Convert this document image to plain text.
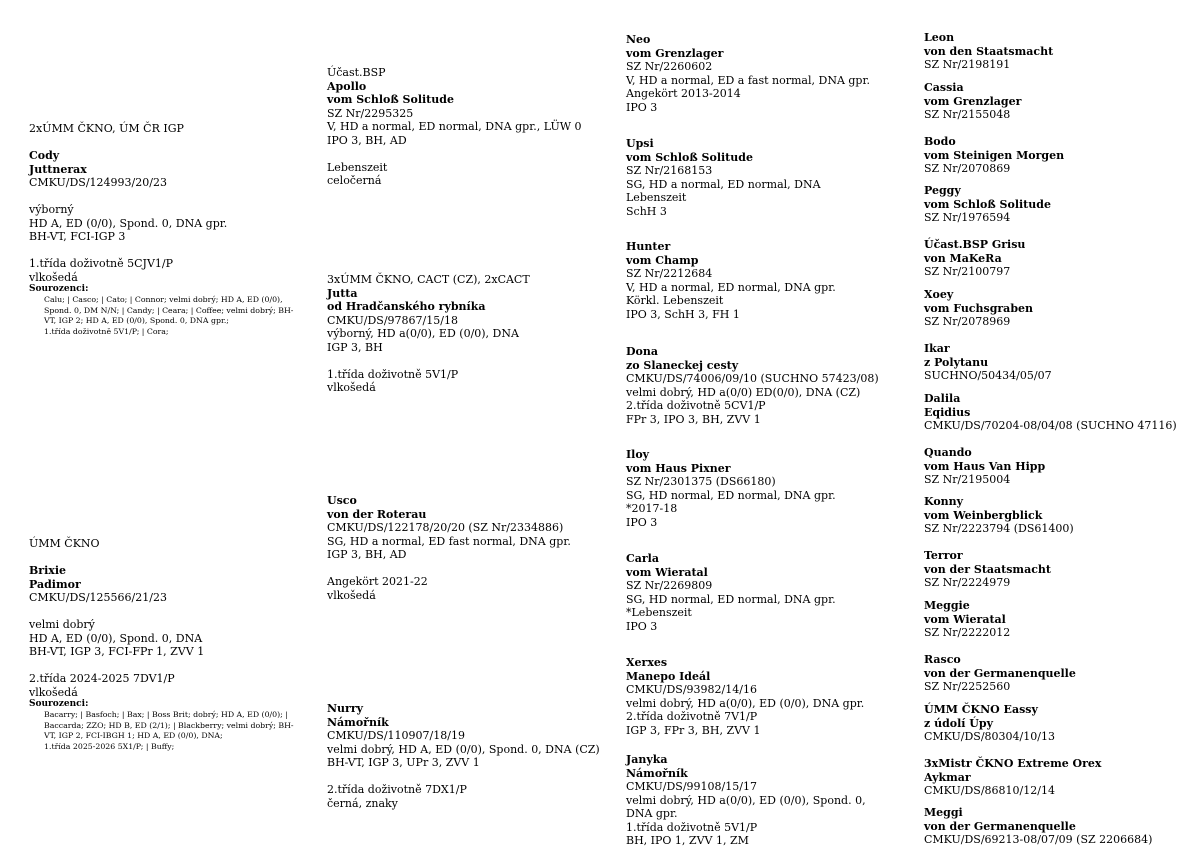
2xÚMM ČKNO, ÚM ČR IGP
Cody
Juttnerax
CMKU/DS/124993/20/23
výborný
HD A, ED (0/0), Spond. 0, DNA gpr.
BH-VT, FCI-IGP 3
1.třída doživotně 5CJV1/P
vlkošedá
Sourozenci:
Calu; | Casco; | Cato; | Connor; velmi dobrý; HD A, ED (0/0),
Spond. 0, DM N/N; | Candy; | Ceara; | Coffee; velmi dobrý; BH-
VT, IGP 2; HD A, ED (0/0), Spond. 0, DNA gpr.;
1.třída doživotně 5V1/P; | Cora;
ÚMM ČKNO
Brixie
Padimor
CMKU/DS/125566/21/23
velmi dobrý
HD A, ED (0/0), Spond. 0, DNA
BH-VT, IGP 3, FCI-FPr 1, ZVV 1
2.třída 2024-2025 7DV1/P
vlkošedá
Sourozenci:
Bacarry; | Basfoch; | Bax; | Boss Brit; dobrý; HD A, ED (0/0); |
Baccarda; ZZO; HD B, ED (2/1); | Blackberry; velmi dobrý; BH-
VT, IGP 2, FCI-IBGH 1; HD A, ED (0/0), DNA;
1.třída 2025-2026 5X1/P; | Buffy;
Účast.BSP
Apollo
vom Schloß Solitude
SZ Nr/2295325
V, HD a normal, ED normal, DNA gpr., LÜW 0
IPO 3, BH, AD
Lebenszeit
celočerná
3xÚMM ČKNO, CACT (CZ), 2xCACT
Jutta
od Hradčanského rybníka
CMKU/DS/97867/15/18
výborný, HD a(0/0), ED (0/0), DNA
IGP 3, BH
1.třída doživotně 5V1/P
vlkošedá
Usco
von der Roterau
CMKU/DS/122178/20/20 (SZ Nr/2334886)
SG, HD a normal, ED fast normal, DNA gpr.
IGP 3, BH, AD
Angekört 2021-22
vlkošedá
Nurry
Námořník
CMKU/DS/110907/18/19
velmi dobrý, HD A, ED (0/0), Spond. 0, DNA (CZ)
BH-VT, IGP 3, UPr 3, ZVV 1
2.třída doživotně 7DX1/P
černá, znaky
Neo
vom Grenzlager
SZ Nr/2260602
V, HD a normal, ED a fast normal, DNA gpr.
Angekört 2013-2014
IPO 3
Upsi
vom Schloß Solitude
SZ Nr/2168153
SG, HD a normal, ED normal, DNA
Lebenszeit
SchH 3
Hunter
vom Champ
SZ Nr/2212684
V, HD a normal, ED normal, DNA gpr.
Körkl. Lebenszeit
IPO 3, SchH 3, FH 1
Dona
zo Slaneckej cesty
CMKU/DS/74006/09/10 (SUCHNO 57423/08)
velmi dobrý, HD a(0/0) ED(0/0), DNA (CZ)
2.třída doživotně 5CV1/P
FPr 3, IPO 3, BH, ZVV 1
Iloy
vom Haus Pixner
SZ Nr/2301375 (DS66180)
SG, HD normal, ED normal, DNA gpr.
*2017-18
IPO 3
Carla
vom Wieratal
SZ Nr/2269809
SG, HD normal, ED normal, DNA gpr.
*Lebenszeit
IPO 3
Xerxes
Manepo Ideál
CMKU/DS/93982/14/16
velmi dobrý, HD a(0/0), ED (0/0), DNA gpr.
2.třída doživotně 7V1/P
IGP 3, FPr 3, BH, ZVV 1
Janyka
Námořník
CMKU/DS/99108/15/17
velmi dobrý, HD a(0/0), ED (0/0), Spond. 0,
DNA gpr.
1.třída doživotně 5V1/P
BH, IPO 1, ZVV 1, ZM
Leon
von den Staatsmacht
SZ Nr/2198191
Cassia
vom Grenzlager
SZ Nr/2155048
Bodo
vom Steinigen Morgen
SZ Nr/2070869
Peggy
vom Schloß Solitude
SZ Nr/1976594
Účast.BSP Grisu
von MaKeRa
SZ Nr/2100797
Xoey
vom Fuchsgraben
SZ Nr/2078969
Ikar
z Polytanu
SUCHNO/50434/05/07
Dalila
Eqidius
CMKU/DS/70204-08/04/08 (SUCHNO 47116)
Quando
vom Haus Van Hipp
SZ Nr/2195004
Konny
vom Weinbergblick
SZ Nr/2223794 (DS61400)
Terror
von der Staatsmacht
SZ Nr/2224979
Meggie
vom Wieratal
SZ Nr/2222012
Rasco
von der Germanenquelle
SZ Nr/2252560
ÚMM ČKNO Eassy
z údolí Úpy
CMKU/DS/80304/10/13
3xMistr ČKNO Extreme Orex
Aykmar
CMKU/DS/86810/12/14
Meggi
von der Germanenquelle
CMKU/DS/69213-08/07/09 (SZ 2206684)
